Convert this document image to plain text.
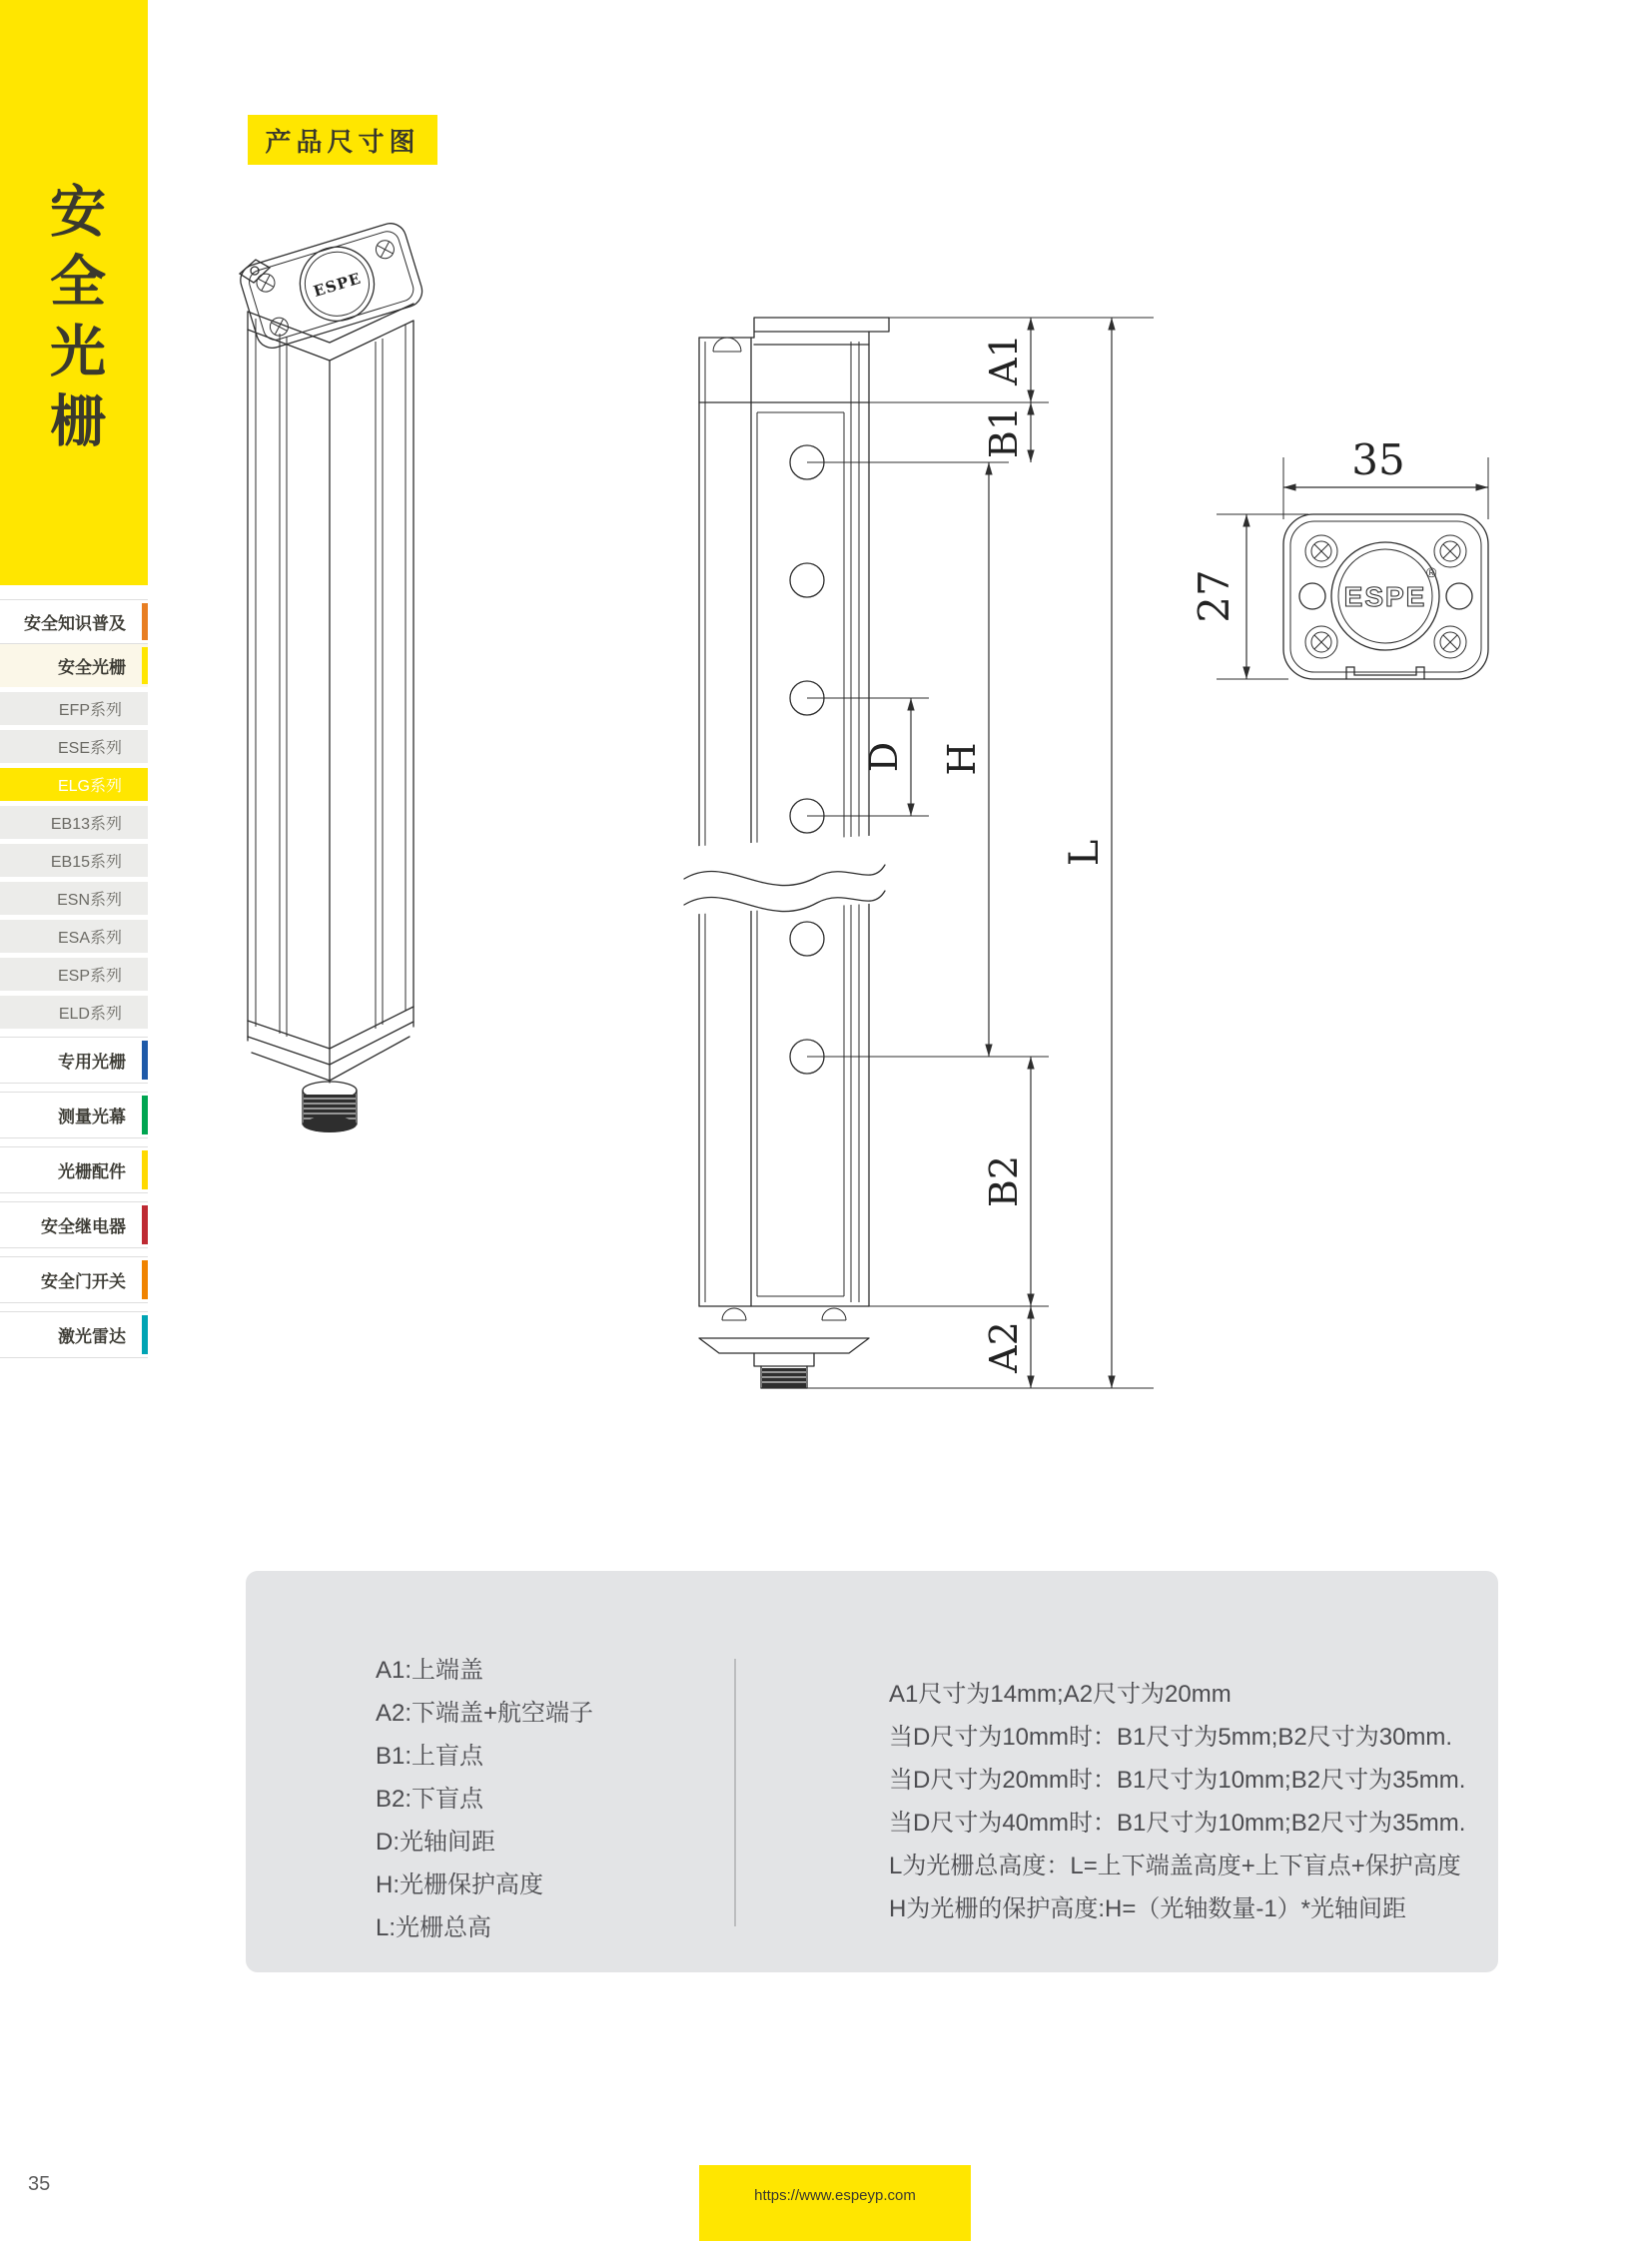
安全光栅
安全知识普及
安全光栅
EFP系列
ESE系列
ELG系列
EB13系列
EB15系列
ESN系列
ESA系列
ESP系列
ELD系列
专用光栅
测量光幕
光栅配件
安全继电器
安全门开关
激光雷达
产品尺寸图
ESPE
A1
B1
D H
B2
A2
L
35
27	ESPE
®
A1:上端盖
A2:下端盖+航空端子
B1:上盲点
B2:下盲点
D:光轴间距
H:光栅保护高度
L:光栅总高
A1尺寸为14mm;A2尺寸为20mm
当D尺寸为10mm时：B1尺寸为5mm;B2尺寸为30mm.
当D尺寸为20mm时：B1尺寸为10mm;B2尺寸为35mm.
当D尺寸为40mm时：B1尺寸为10mm;B2尺寸为35mm.
L为光栅总高度：L=上下端盖高度+上下盲点+保护高度
H为光栅的保护高度:H=（光轴数量-1）*光轴间距
35
https://www.espeyp.com
